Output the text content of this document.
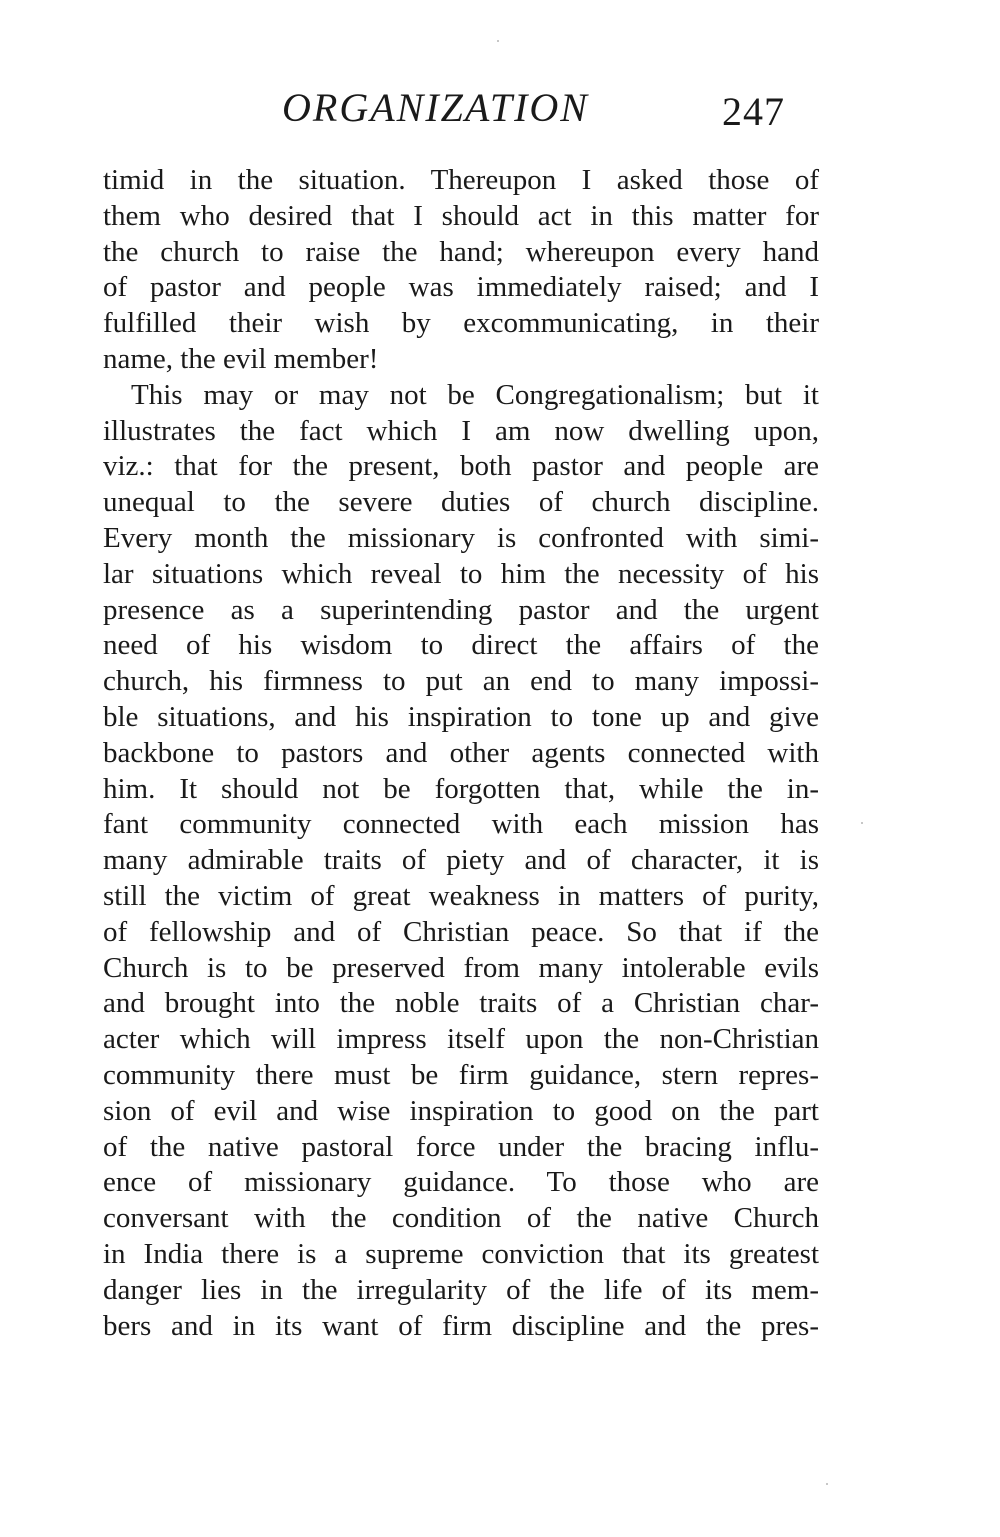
ORGANIZATION	247
timid in the situation. Thereupon I asked those of
them who desired that I should act in this matter for
the church to raise the hand; whereupon every hand
of pastor and people was immediately raised; and I
fulfilled their wish by excommunicating, in their
name, the evil member!
This may or may not be Congregationalism; but it
illustrates the fact which I am now dwelling upon,
viz.: that for the present, both pastor and people are
unequal to the severe duties of church discipline.
Every month the missionary is confronted with simi-
lar situations which reveal to him the necessity of his
presence as a superintending pastor and the urgent
need of his wisdom to direct the affairs of the
church, his firmness to put an end to many impossi-
ble situations, and his inspiration to tone up and give
backbone to pastors and other agents connected with
him. It should not be forgotten that, while the in-
fant community connected with each mission has
many admirable traits of piety and of character, it is
still the victim of great weakness in matters of purity,
of fellowship and of Christian peace. So that if the
Church is to be preserved from many intolerable evils
and brought into the noble traits of a Christian char-
acter which will impress itself upon the non-Christian
community there must be firm guidance, stern repres-
sion of evil and wise inspiration to good on the part
of the native pastoral force under the bracing influ-
ence of missionary guidance. To those who are
conversant with the condition of the native Church
in India there is a supreme conviction that its greatest
danger lies in the irregularity of the life of its mem-
bers and in its want of firm discipline and the pres-
